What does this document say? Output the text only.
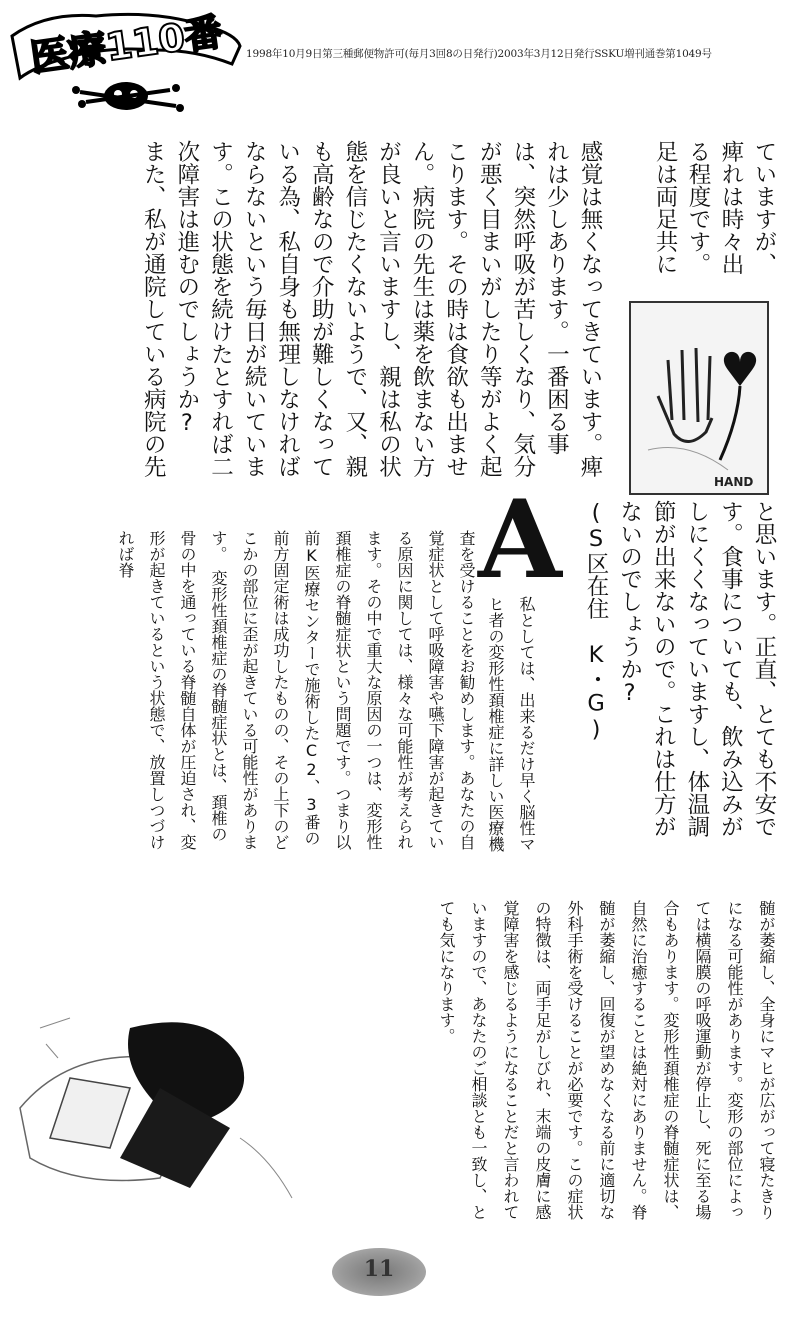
医療110番 1998年10月9日第三種郵便物許可(毎月3回8の日発行)2003年3月12日発行SSKU増刊通巻第1049号

ていますが、痺れは時々出る程度です。足は両足共に

HAND

感覚は無くなってきています。痺れは少しあります。一番困る事は、突然呼吸が苦しくなり、気分が悪く目まいがしたり等がよく起こります。その時は食欲も出ません。病院の先生は薬を飲まない方が良いと言いますし、親は私の状態を信じたくないようで、又、親も高齢なので介助が難しくなっている為、私自身も無理しなければならないという毎日が続いています。この状態を続けたとすれば二次障害は進むのでしょうか?　また、私が通院している病院の先

と思います。正直、とても不安です。食事についても、飲み込みがしにくくなっていますし、体温調節が出来ないので。これは仕方がないのでしょうか?

(S区在住　K・G)

A

私としては、出来るだけ早く脳性マヒ者の変形性頚椎症に詳しい医療機

査を受けることをお勧めします。あなたの自覚症状として呼吸障害や嚥下障害が起きている原因に関しては、様々な可能性が考えられます。その中で重大な原因の一つは、変形性頚椎症の脊髄症状という問題です。つまり以前K医療センターで施術したC2、3番の前方固定術は成功したものの、その上下のどこかの部位に歪が起きている可能性があります。　変形性頚椎症の脊髄症状とは、頚椎の骨の中を通っている脊髄自体が圧迫され、変形が起きているという状態で、放置しつづければ脊

髄が萎縮し、全身にマヒが広がって寝たきりになる可能性があります。変形の部位によっては横隔膜の呼吸運動が停止し、死に至る場合もあります。変形性頚椎症の脊髄症状は、自然に治癒することは絶対にありません。脊髄が萎縮し、回復が望めなくなる前に適切な外科手術を受けることが必要です。この症状の特徴は、両手足がしびれ、末端の皮膚に感覚障害を感じるようになることだと言われていますので、あなたのご相談とも一致し、とても気になります。

11
